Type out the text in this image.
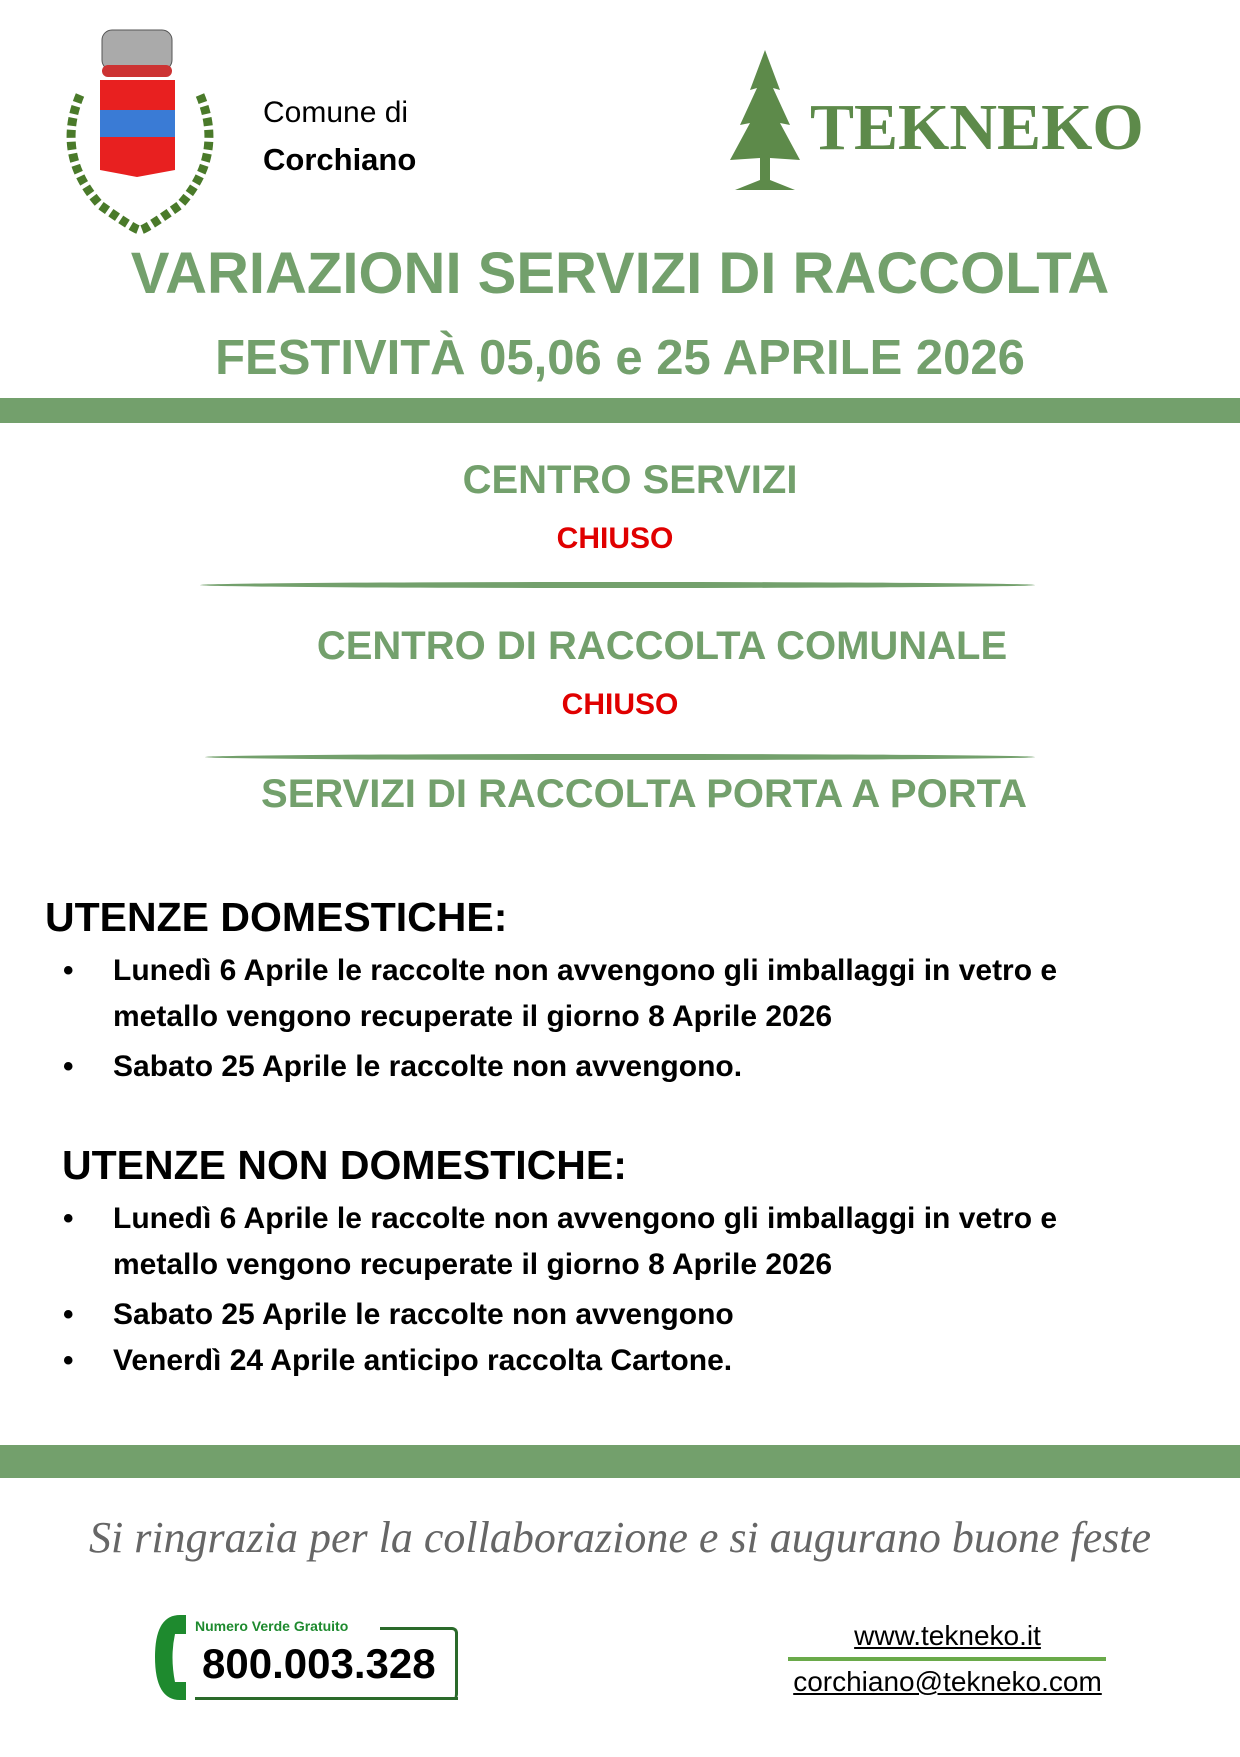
Comune di
Corchiano	TEKNEKO
VARIAZIONI SERVIZI DI RACCOLTA
FESTIVITÀ 05,06 e 25 APRILE 2026
CENTRO SERVIZI
CHIUSO
CENTRO DI RACCOLTA COMUNALE
CHIUSO
SERVIZI DI RACCOLTA PORTA A PORTA
UTENZE DOMESTICHE:
• Lunedì 6 Aprile le raccolte non avvengono gli imballaggi in vetro e metallo vengono recuperate il giorno 8 Aprile 2026
• Sabato 25 Aprile le raccolte non avvengono.
UTENZE NON DOMESTICHE:
• Lunedì 6 Aprile le raccolte non avvengono gli imballaggi in vetro e metallo vengono recuperate il giorno 8 Aprile 2026
• Sabato 25 Aprile le raccolte non avvengono
• Venerdì 24 Aprile anticipo raccolta Cartone.
Si ringrazia per la collaborazione e si augurano buone feste
Numero Verde Gratuito
800.003.328
www.tekneko.it
corchiano@tekneko.com
